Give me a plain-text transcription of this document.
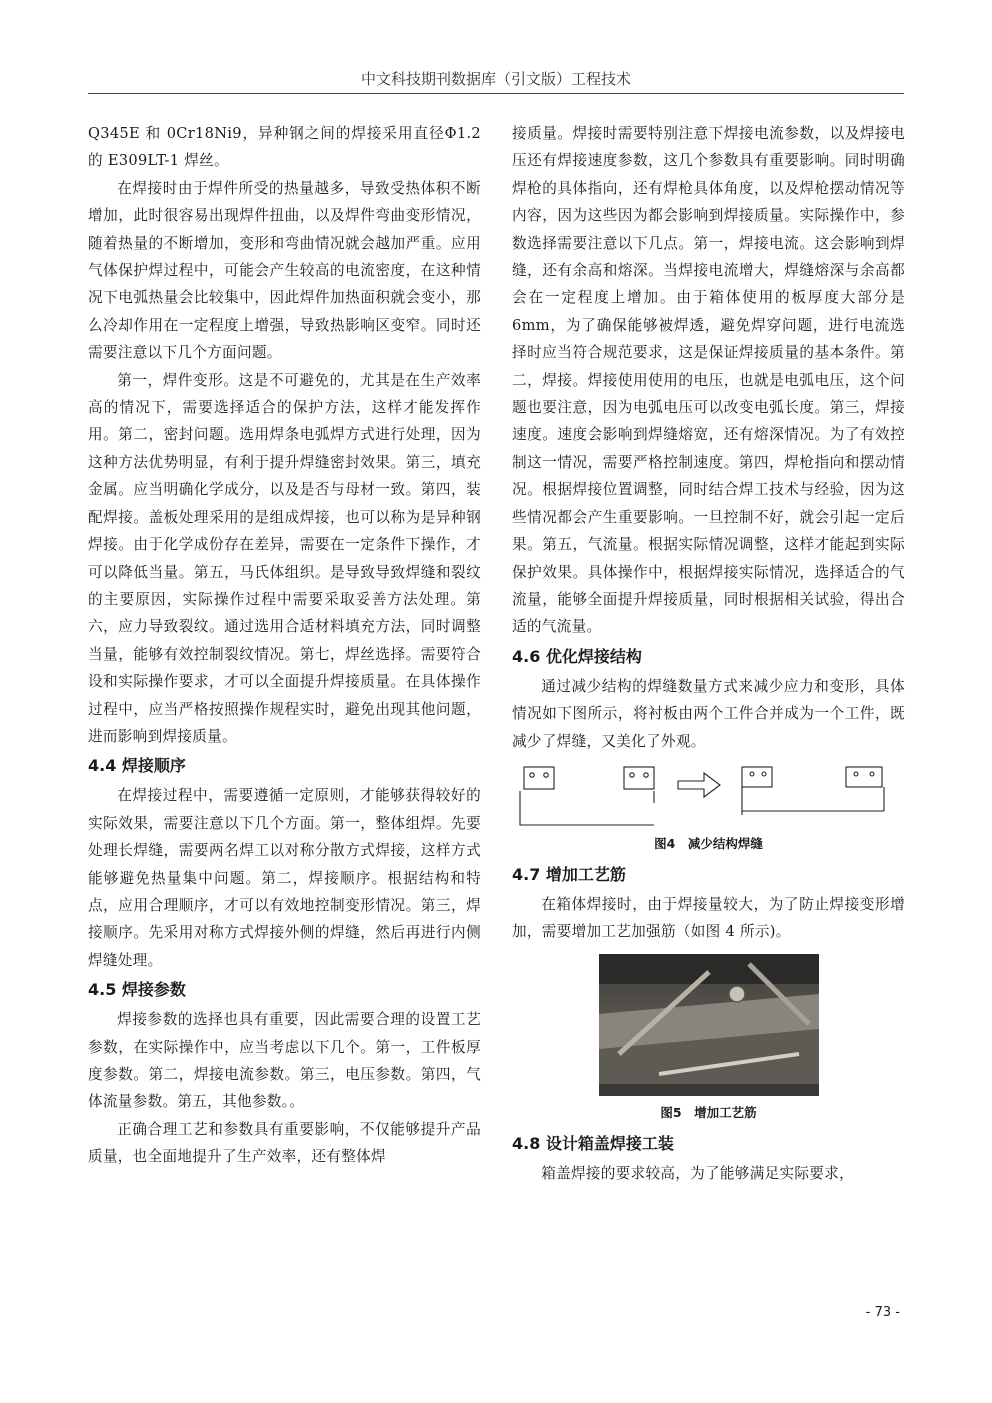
中文科技期刊数据库（引文版）工程技术

Q345E 和 0Cr18Ni9，异种钢之间的焊接采用直径Φ1.2的 E309LT-1 焊丝。

在焊接时由于焊件所受的热量越多，导致受热体积不断增加，此时很容易出现焊件扭曲，以及焊件弯曲变形情况，随着热量的不断增加，变形和弯曲情况就会越加严重。应用气体保护焊过程中，可能会产生较高的电流密度，在这种情况下电弧热量会比较集中，因此焊件加热面积就会变小，那么冷却作用在一定程度上增强，导致热影响区变窄。同时还需要注意以下几个方面问题。

第一，焊件变形。这是不可避免的，尤其是在生产效率高的情况下，需要选择适合的保护方法，这样才能发挥作用。第二，密封问题。选用焊条电弧焊方式进行处理，因为这种方法优势明显，有利于提升焊缝密封效果。第三，填充金属。应当明确化学成分，以及是否与母材一致。第四，装配焊接。盖板处理采用的是组成焊接，也可以称为是异种钢焊接。由于化学成份存在差异，需要在一定条件下操作，才可以降低当量。第五，马氏体组织。是导致导致焊缝和裂纹的主要原因，实际操作过程中需要采取妥善方法处理。第六，应力导致裂纹。通过选用合适材料填充方法，同时调整当量，能够有效控制裂纹情况。第七，焊丝选择。需要符合设和实际操作要求，才可以全面提升焊接质量。在具体操作过程中，应当严格按照操作规程实时，避免出现其他问题，进而影响到焊接质量。

4.4 焊接顺序

在焊接过程中，需要遵循一定原则，才能够获得较好的实际效果，需要注意以下几个方面。第一，整体组焊。先要处理长焊缝，需要两名焊工以对称分散方式焊接，这样方式能够避免热量集中问题。第二，焊接顺序。根据结构和特点，应用合理顺序，才可以有效地控制变形情况。第三，焊接顺序。先采用对称方式焊接外侧的焊缝，然后再进行内侧焊缝处理。

4.5 焊接参数

焊接参数的选择也具有重要，因此需要合理的设置工艺参数，在实际操作中，应当考虑以下几个。第一，工件板厚度参数。第二，焊接电流参数。第三，电压参数。第四，气体流量参数。第五，其他参数。。

正确合理工艺和参数具有重要影响，不仅能够提升产品质量，也全面地提升了生产效率，还有整体焊

接质量。焊接时需要特别注意下焊接电流参数，以及焊接电压还有焊接速度参数，这几个参数具有重要影响。同时明确焊枪的具体指向，还有焊枪具体角度，以及焊枪摆动情况等内容，因为这些因为都会影响到焊接质量。实际操作中，参数选择需要注意以下几点。第一，焊接电流。这会影响到焊缝，还有余高和熔深。当焊接电流增大，焊缝熔深与余高都会在一定程度上增加。由于箱体使用的板厚度大部分是 6mm，为了确保能够被焊透，避免焊穿问题，进行电流选择时应当符合规范要求，这是保证焊接质量的基本条件。第二，焊接。焊接使用使用的电压，也就是电弧电压，这个问题也要注意，因为电弧电压可以改变电弧长度。第三，焊接速度。速度会影响到焊缝熔宽，还有熔深情况。为了有效控制这一情况，需要严格控制速度。第四，焊枪指向和摆动情况。根据焊接位置调整，同时结合焊工技术与经验，因为这些情况都会产生重要影响。一旦控制不好，就会引起一定后果。第五，气流量。根据实际情况调整，这样才能起到实际保护效果。具体操作中，根据焊接实际情况，选择适合的气流量，能够全面提升焊接质量，同时根据相关试验，得出合适的气流量。

4.6 优化焊接结构

通过减少结构的焊缝数量方式来减少应力和变形，具体情况如下图所示，将衬板由两个工件合并成为一个工件，既减少了焊缝，又美化了外观。

图4　减少结构焊缝
4.7 增加工艺筋

在箱体焊接时，由于焊接量较大，为了防止焊接变形增加，需要增加工艺加强筋（如图 4 所示)。

图5　增加工艺筋
4.8 设计箱盖焊接工装

箱盖焊接的要求较高，为了能够满足实际要求，

- 73 -
